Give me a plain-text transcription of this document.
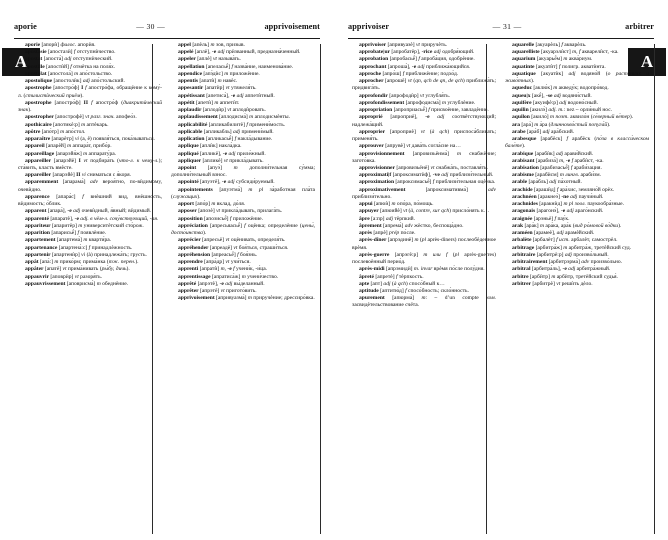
aporie	— 30 —	apprivoisement
A

aporie [апорѝ] филос. апорѝя.

apostasie [апостазѝ] f отступнѝчество.

apostat [апоста̀] adj отступнѝческий.

apostille [апостѝй] f отмѐтка на поля̀х.

apostolat [апостола̀] m апо̀стольство.

apostolique [апостолѝк] adj апо̀стольский.

apostrophe [апостро̀ф] I f апостро̀фа, обращѐние к кому́-л. (стилистѝческий приём).

apostrophe [апостро̀ф] II f апостро̀ф (диакритѝческий знак).

apostropher [апострофѐ] vt разг. знач. апофео̀з.

apothicaire [апотикѐ:р] m аптѐкарь.

apôtre [апо̀тр] m апо̀стол.

apparaître [апарѐтр] vi (а, ê) появля̀ться, пока̀зываться.

appareil [апарѐй] m аппара̀т, прибо̀р.

appareillage [апарэйя̀ж] m аппарату́ра.

appareiller [апарэйѐ] I vt подбира̀ть (что-л. к чему́-л.); ста̀вить, класть вмѐсте.

appareiller [апарэйѐ] II vi сниматься с я̀коря.

apparemment [апарама̀] adv вероя̀тно, по-вѝдимому, очевѝдно.

apparence [апара̀с] f внѐшний вид, внѐшность, вѝдимость; о̀блик.

apparent [апара̀], -e adj очевѝдный, я̀вный; вѝдимый.

apparenté [апаратѐ], -e adj. в чём-л. сочу́вствующий, -ая.

appariteur [апаритёр] m университѐтский сто̀рож.

apparition [апарисьё̀] f появлѐние.

appartement [апартема̀] m кварти́ра.

appartenance [апартена̀:с] f принадлѐжность.

appartenir [апартенѝр] vi (à) принадлежа̀ть; грусть.

appât [апа̀:] m прико̀рм; прима̀нка (тж. перен.).

appâter [апатѐ] vt прима̀нивать (ры́бу, дичь).

appauvrir [аповрѝр] vt разоря̀ть.

appauvrissement [аповрисма̀] m обеднѐние.

appel [апѐль] m зов, призы̀в.

appelé [аплѐ], -e adj прѝзванный, предназна̀ченный.

appeler [аплѐ] vt называ̀ть.

appellation [апеласьё̀] f назва̀ние, наименова̀ние.

appendice [апэ̀дѝс] m приложѐние.

appentis [апатѝ] m навѐс.

appesantir [апатѝр] vt утяжеля̀ть.

appétissant [апетиса̀], -e adj аппетѝтный.

appétit [апетѝ] m аппетѝт.

applaudir [аплодѝр] vt аплодѝровать.

applaudissement [аплодисма̀] m аплодисмѐнты.

applicabilité [апликабилитѐ] f примени́мость.

applicable [апликабль] adj примени́мый.

application [апликасьё̀] f накла̀дывание.

applique [аплѝк] накла̀дка.

appliqué [апликѐ], -e adj приле́жный.

appliquer [апликѐ] vt прикла̀дывать.

appoint [апуэ̀] m дополни́тельная су́мма; дополни́тельный взнос.

appointé [апуэтѐ], -e adj субсиди́руемый.

appointements [апуэтма̀] m pl за̀работная пла̀та (служащих).

apport [апо̀р] m вклад, до̀ля.

apposer [апозѐ] vt прикла̀дывать, прилага̀ть.

apposition [апозисьё̀] f приложѐние.

appréciation [апресьяасьё̀] f оцѐнка; определѐние (цены́, досто́инства).

apprécier [апресьѐ] vt оцѐнивать, определя̀ть.

appréhender [апреадѐ] vt боя̀ться, страши́ться.

appréhension [апреасьё̀] f боя̀знь.

apprendre [апра̀др] vt учи́ться.

apprenti [апратѝ] m, -e f учени́к, -и́ца.

apprentissage [апратиса̀ж] m учени́чество.

apprêté [апрэтѐ], -e adj вы́деланный.

apprêter [апрэтѐ] vt пригото̀вить.

apprivoisement [апривуазма̀] m приручѐние; дрессиро̀вка.

apprivoiser	— 31 —	arbitrer
A

apprivoiser [апривуазѐ] vt приручѐть.

approbate|ur [апробатёр], -rice adj одобря̀ющий.

approbation [апробасьё̀] f апроба̀ция, одобрѐние.

approchant [апроша̀], -e adj приближа̀ющийся.

approche [апро̀ш] f приближѐние; подхо̀д.

approcher [апрошѐ] vt (qn, qch de qn, de qch) приближа̀ть; придвига̀ть.

approfondir [апрофодѝр] vt углубля̀ть.

approfondissement [апрофодисма̀] m углублѐние.

appropriation [апроприасьё̀] f присвоѐние, завладѐние.

approprié [апроприѐ], -e adj соотвѐтствующий; надлежа̀щий.

approprier [апроприѐ] vt (à qch) приспоса̀бливать; применя̀ть.

approuver [апрувѐ] vt дава̀ть согла̀сие на…

approvisionnement [апровизьёнма̀] m снабжѐние; загото̀вка.

approvisionner [апровизьёнѐ] vt снабжа̀ть, поставля̀ть.

approximati|f [апроксиматѝф], -ve adj приблизи́тельный.

approximation [апроксимасьё̀] f приблизи́тельная оцѐнка.

approximativement [апроксимативма̀] adv приблизи́тельно.

appui [апюѝ] m опо̀ра, по̀мощь.

appuyer [апюийѐ] vt (à, contre, sur qch) присло̀нять к…

âpre [а:пр] adj тёрпкий.

âprement [апрема̀] adv жёстко, беспоща̀дно.

après [апрѐ] prép по̀сле.

après-dîner [апрэдинѐ] m (pl après-diners) послеобѐденное врѐмя.

après-guerre [апрэгѐ:р] m или f (pl après-guerres) послевоѐнный перио̀д.

après-midi [апрэмидѝ] m. invar врѐмя по̀сле полу́дня.

âpreté [апретѐ] f тѐрпкость.

apte [апт] adj (à qch) спосо̀бный к…

aptitude [аптитю̀д] f спосо̀бность; скло̀нность.

apurement [апюрма̀] m: ~ d’un compte ком. засвидѐтельствование счёта.

aquarelle [акуарѐль] f акварѐль.

aquarelliste [акуарэлѝст] m, f акварелѝст, -ка.

aquarium [акуарьё̀м] m аква̀риум.

aquatinte [акуатѝт] f полигр. акватѝнта.

aquatique [акуатѝк] adj водяно̀й (о расте́ниях и живо́тных).

aqueduc [аклю̀к] m акведу́к; водопро̀вод.

aqueu|x [акё̀], -se adj водяни́стый.

aquifère [акуифѐ:р] adj водоно̀сный.

aquilin [акилэ̀] adj. m.: nez ~ орли́ный нос.

aquilon [акило̀] m поэт. аквило̀н (се́верный ве́тер).

ara [ара̀] m а̀ра (длиннохво́стый попуга́й).

arabe [ара̀б] adj ара̀бский.

arabesque [арабѐск] f арабѐск (по́за в класси́ческом бале́те).

arabique [арабѝк] adj арави́йский.

arabisant [арабиза̀] m, -e f арабѝст, -ка.

arabisation [арабизасьё̀] f араби́зация.

arabisme [арабѝсм] m лингв. араби́зм.

arable [ара̀бль] adj па̀хотный.

arachide [арашѝд] f ара̀хис, земляно̀й орѐх.

arachnéen [аракнеэ̀] -ne adj паучи́ный.

arachnides [аракнѝд] m pl зоол. паукообра̀зные.

aragonais [арагонэ̀], -e adj араго̀нский.

araignée [арэньѐ] f пау́к.

arak [ара̀к] m ара̀ка, ара̀к (вид ро́мовой во́дки).

araméen [арамеѐ], adj арамѐйский.

arbalète [арбалѐт] f ист. арбалѐт, самострѐл.

arbitrage [арбитра̀ж] m арбитра̀ж, третѐйский суд.

arbitraire [арбитрѐ:р] adj произво̀льный.

arbitrairement [арбитрэрма̀] adv произво̀льно.

arbitral [арбитра̀ль], -e adj арбитра̀жный.

arbitre [арбѝтр] m арбѝтр, третѐйский судья̀.

arbitrer [арбитрѐ] vt решѝть дѐло.
